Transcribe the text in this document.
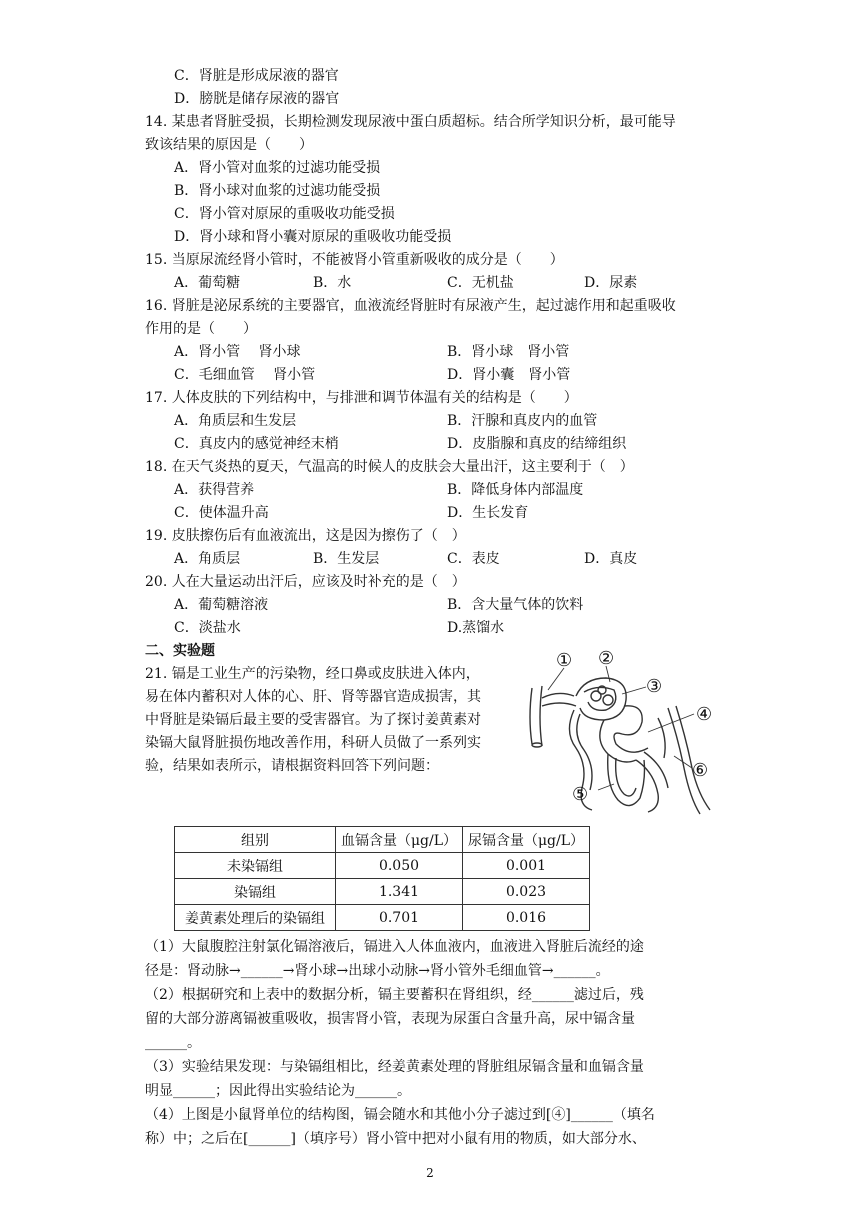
C．肾脏是形成尿液的器官
D．膀胱是储存尿液的器官
14. 某患者肾脏受损，长期检测发现尿液中蛋白质超标。结合所学知识分析，最可能导
致该结果的原因是（　　）
A．肾小管对血浆的过滤功能受损
B．肾小球对血浆的过滤功能受损
C．肾小管对原尿的重吸收功能受损
D．肾小球和肾小囊对原尿的重吸收功能受损
15. 当原尿流经肾小管时，不能被肾小管重新吸收的成分是（　　）
A．葡萄糖	B．水	C．无机盐	D．尿素
16. 肾脏是泌尿系统的主要器官，血液流经肾脏时有尿液产生，起过滤作用和起重吸收
作用的是（　　）
A．肾小管　 肾小球	B．肾小球　肾小管
C．毛细血管　 肾小管	D．肾小囊　肾小管
17. 人体皮肤的下列结构中，与排泄和调节体温有关的结构是（　　）
A．角质层和生发层	B．汗腺和真皮内的血管
C．真皮内的感觉神经末梢	D．皮脂腺和真皮的结缔组织
18. 在天气炎热的夏天，气温高的时候人的皮肤会大量出汗，这主要利于（　）
A．获得营养	B．降低身体内部温度
C．使体温升高	D．生长发育
19. 皮肤擦伤后有血液流出，这是因为擦伤了（　）
A．角质层	B．生发层	C．表皮	D．真皮
20. 人在大量运动出汗后，应该及时补充的是（　）
A．葡萄糖溶液	B．含大量气体的饮料
C．淡盐水	D.蒸馏水
二、实验题
21. 镉是工业生产的污染物，经口鼻或皮肤进入体内，
易在体内蓄积对人体的心、肝、肾等器官造成损害，其
中肾脏是染镉后最主要的受害器官。为了探讨姜黄素对
染镉大鼠肾脏损伤地改善作用，科研人员做了一系列实
验，结果如表所示，请根据资料回答下列问题：
① ②
③
④
⑤
⑥
组别	血镉含量（μg/L）	尿镉含量（μg/L）
未染镉组	0.050	0.001
染镉组	1.341	0.023
姜黄素处理后的染镉组	0.701	0.016
（1）大鼠腹腔注射氯化镉溶液后，镉进入人体血液内，血液进入肾脏后流经的途
径是：肾动脉→______→肾小球→出球小动脉→肾小管外毛细血管→______。
（2）根据研究和上表中的数据分析，镉主要蓄积在肾组织，经______滤过后，残
留的大部分游离镉被重吸收，损害肾小管，表现为尿蛋白含量升高，尿中镉含量
______。
（3）实验结果发现：与染镉组相比，经姜黄素处理的肾脏组尿镉含量和血镉含量
明显______；因此得出实验结论为______。
（4）上图是小鼠肾单位的结构图，镉会随水和其他小分子滤过到[④]______（填名
称）中；之后在[______]（填序号）肾小管中把对小鼠有用的物质，如大部分水、
2
